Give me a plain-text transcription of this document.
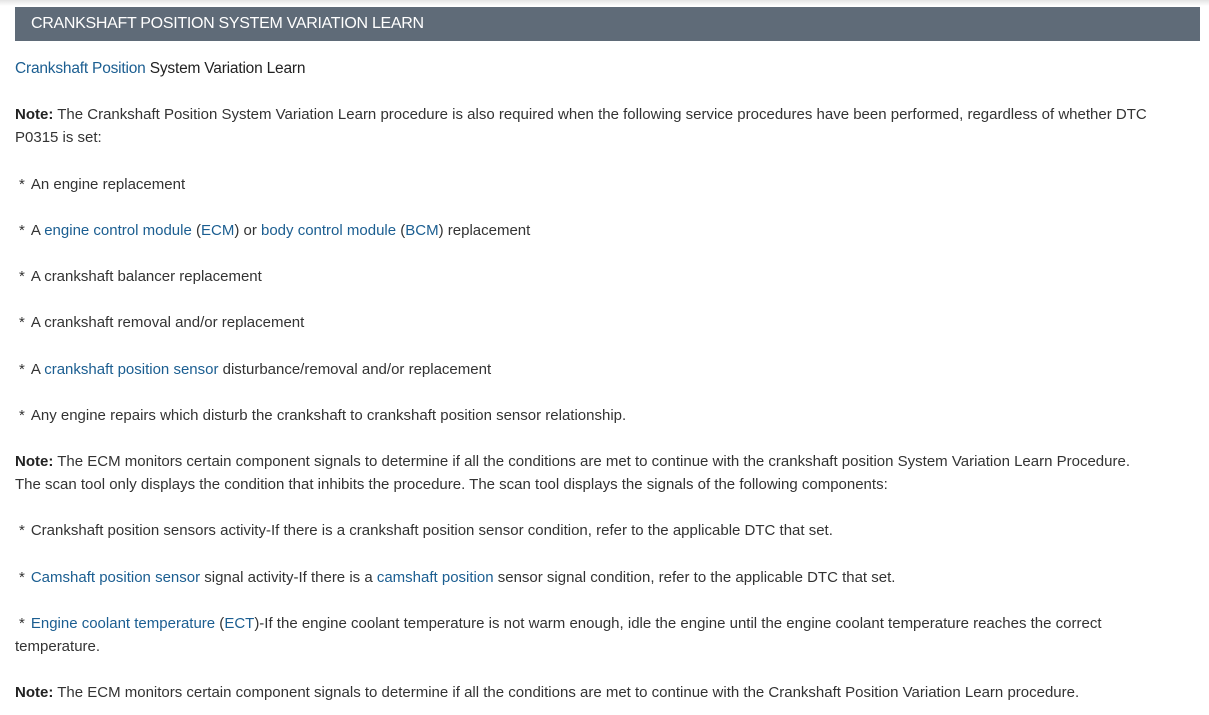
CRANKSHAFT POSITION SYSTEM VARIATION LEARN
Crankshaft Position System Variation Learn
Note: The Crankshaft Position System Variation Learn procedure is also required when the following service procedures have been performed, regardless of whether DTC
P0315 is set:
* An engine replacement
* A engine control module (ECM) or body control module (BCM) replacement
* A crankshaft balancer replacement
* A crankshaft removal and/or replacement
* A crankshaft position sensor disturbance/removal and/or replacement
* Any engine repairs which disturb the crankshaft to crankshaft position sensor relationship.
Note: The ECM monitors certain component signals to determine if all the conditions are met to continue with the crankshaft position System Variation Learn Procedure.
The scan tool only displays the condition that inhibits the procedure. The scan tool displays the signals of the following components:
* Crankshaft position sensors activity-If there is a crankshaft position sensor condition, refer to the applicable DTC that set.
* Camshaft position sensor signal activity-If there is a camshaft position sensor signal condition, refer to the applicable DTC that set.
* Engine coolant temperature (ECT)-If the engine coolant temperature is not warm enough, idle the engine until the engine coolant temperature reaches the correct
temperature.
Note: The ECM monitors certain component signals to determine if all the conditions are met to continue with the Crankshaft Position Variation Learn procedure.
